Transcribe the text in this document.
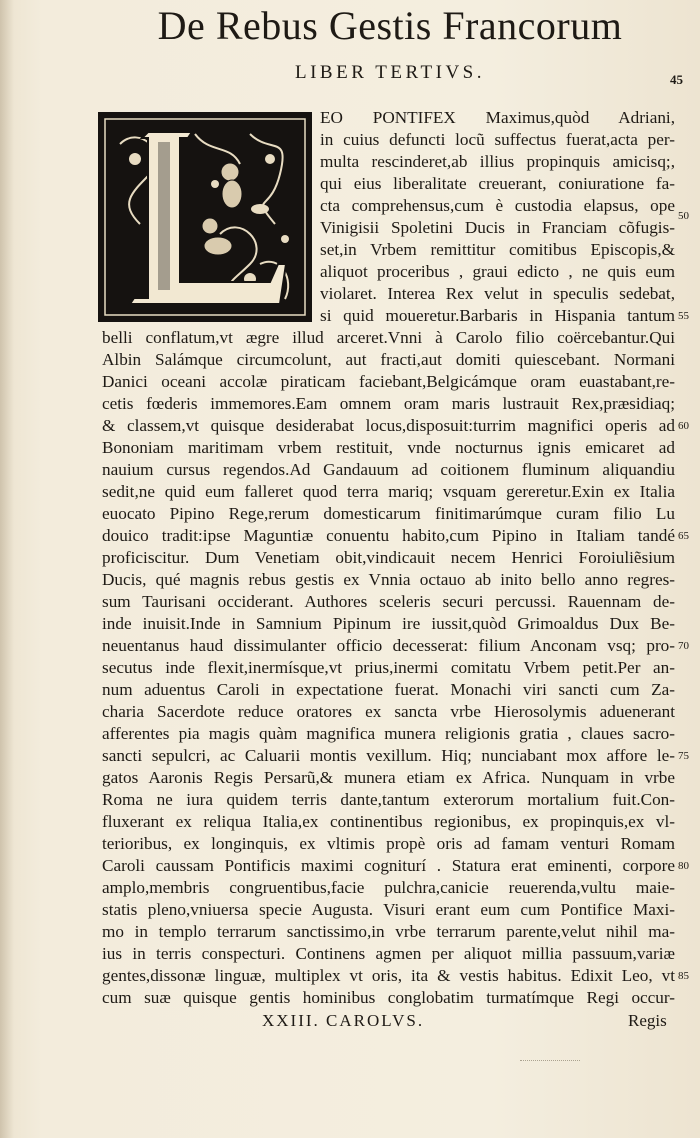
De Rebus Gestis Francorum
LIBER TERTIVS.	45
EO PONTIFEX Maximus,quòd Adriani,
in cuius defuncti locũ suffectus fuerat,acta per-
multa rescinderet,ab illius propinquis amicisq;,
qui eius liberalitate creuerant, coniuratione fa-
cta comprehensus,cum è custodia elapsus, ope
Vinigisii Spoletini Ducis in Franciam cõfugis-
set,in Vrbem remittitur comitibus Episcopis,&
aliquot proceribus , graui edicto , ne quis eum
violaret. Interea Rex velut in speculis sedebat,
si quid moueretur.Barbaris in Hispania tantum
belli conflatum,vt ægre illud arceret.Vnni à Carolo filio coërcebantur.Qui
Albin Salámque circumcolunt, aut fracti,aut domiti quiescebant. Normani
Danici oceani accolæ piraticam faciebant,Belgicámque oram euastabant,re-
cetis fœderis immemores.Eam omnem oram maris lustrauit Rex,præsidiaq;
& classem,vt quisque desiderabat locus,disposuit:turrim magnifici operis ad
Bononiam maritimam vrbem restituit, vnde nocturnus ignis emicaret ad
nauium cursus regendos.Ad Gandauum ad coitionem fluminum aliquandiu
sedit,ne quid eum falleret quod terra mariq; vsquam gereretur.Exin ex Italia
euocato Pipino Rege,rerum domesticarum finitimarúmque curam filio Lu
douico tradit:ipse Maguntiæ conuentu habito,cum Pipino in Italiam tandé
proficiscitur. Dum Venetiam obit,vindicauit necem Henrici Foroiuliẽsium
Ducis, qué magnis rebus gestis ex Vnnia octauo ab inito bello anno regres-
sum Taurisani occiderant. Authores sceleris securi percussi. Rauennam de-
inde inuisit.Inde in Samnium Pipinum ire iussit,quòd Grimoaldus Dux Be-
neuentanus haud dissimulanter officio decesserat: filium Anconam vsq; pro-
secutus inde flexit,inermísque,vt prius,inermi comitatu Vrbem petit.Per an-
num aduentus Caroli in expectatione fuerat. Monachi viri sancti cum Za-
charia Sacerdote reduce oratores ex sancta vrbe Hierosolymis aduenerant
afferentes pia magis quàm magnifica munera religionis gratia , claues sacro-
sancti sepulcri, ac Caluarii montis vexillum. Hiq; nunciabant mox affore le-
gatos Aaronis Regis Persarũ,& munera etiam ex Africa. Nunquam in vrbe
Roma ne iura quidem terris dante,tantum exterorum mortalium fuit.Con-
fluxerant ex reliqua Italia,ex continentibus regionibus, ex propinquis,ex vl-
terioribus, ex longinquis, ex vltimis propè oris ad famam venturi Romam
Caroli caussam Pontificis maximi cogniturí . Statura erat eminenti, corpore
amplo,membris congruentibus,facie pulchra,canicie reuerenda,vultu maie-
statis pleno,vniuersa specie Augusta. Visuri erant eum cum Pontifice Maxi-
mo in templo terrarum sanctissimo,in vrbe terrarum parente,velut nihil ma-
ius in terris conspecturi. Continens agmen per aliquot millia passuum,variæ
gentes,dissonæ linguæ, multiplex vt oris, ita & vestis habitus. Edixit Leo, vt
cum suæ quisque gentis hominibus conglobatim turmatímque Regi occur-
50
55
60
65
70
75
80
85
XXIII. CAROLVS.	Regis
